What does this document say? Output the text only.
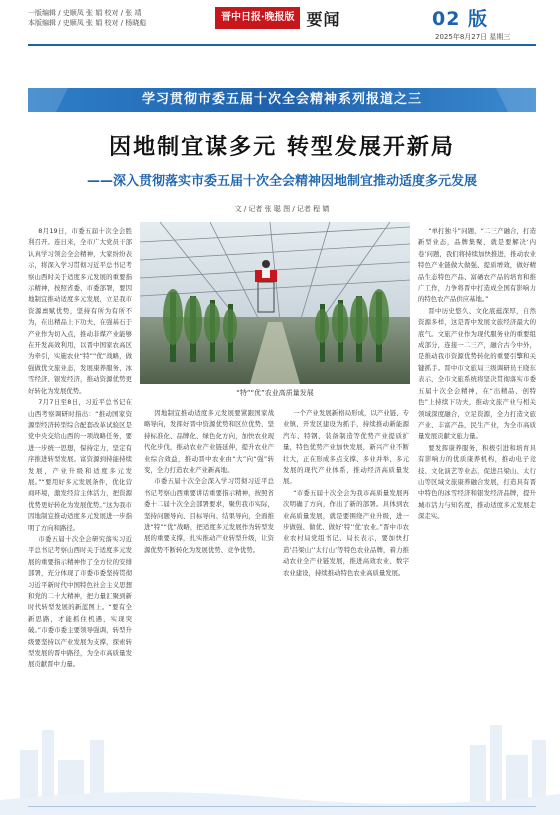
一版编辑 / 史顺凤 张 娟 校对 / 张 靖
本版编辑 / 史顺凤 张 娟 校对 / 杨晓彪	晋中日报·晚报版 要闻	02 版
2025年8月27日 星期三
学习贯彻市委五届十次全会精神系列报道之三
因地制宜谋多元 转型发展开新局
——深入贯彻落实市委五届十次全会精神因地制宜推动适度多元发展
文 / 记者 张 聪 图 / 记者 程 婧

8月19日，市委五届十次全会胜利召开。连日来，全市广大党员干部认真学习领会全会精神，大家纷纷表示，将深入学习贯彻习近平总书记考察山西时关于适度多元发展的重要指示精神，按照省委、市委部署，要因地制宜推动适度多元发展，立足我市资源禀赋优势，坚持有所为有所不为，在出精品上下功夫，在强基石于产业作为切入点，推动非煤产业能够在开发高效利用，以晋中国家农高区为牵引，实施农业“特”“优”战略，做强做优文旅业态，发展康养服务、冰雪经济、银发经济，推动资源优势更好转化为发展优势。

7月7日至8日，习近平总书记在山西考察调研时指出：“推动国家资源型经济转型综合配套改革试验区是党中央交给山西的一项战略任务，要进一步统一思想，保持定力，坚定有序推进转型发展。富资源到持能持续发展，产业升级和适度多元发展。”“要用好多元发展条件，优化营商环境，激发经营主体活力，把资源优势更好转化为发展优势。”这为我市因地制宜推动适度多元发展进一步指明了方向和路径。

市委五届十次全会研究落实习近平总书记考察山西时关于适度多元发展的重要指示精神作了全方位的安排部署，充分体现了市委市委坚持贯彻习近平新时代中国特色社会主义思想和党的二十大精神，把力量汇聚到新时代转型发展的新蓝图上。“要有全新思路，才能抓住机遇，实现突破。”市委市委主要领导强调，转型升级要坚持以产业发展为支撑，探索转型发展的晋中路径，为全市高质量发展贡献晋中力量。

“特”“优”农业高质量发展

因地制宜推动适度多元发展要紧跟国家战略导向，发挥好晋中资源优势和区位优势，坚持标准化、品牌化、绿色化方向，加快农业现代化步伐，推动农业产业链延伸，提升农业产业综合效益，推动晋中农业由“大”向“强”转变，全力打造农业产业新高地。

市委五届十次全会深入学习贯彻习近平总书记考察山西重要讲话重要指示精神，按照省委十二届十次全会部署要求，聚焦我市实际，坚持问题导向、目标导向、结果导向，全面推进“特”“优”战略，把适度多元发展作为转型发展的重要支撑，扎实推动产业转型升级，让资源优势不断转化为发展优势、竞争优势。

一个产业发展新格局形成，以产业链、专业镇、开发区建设为抓手，持续推动新能源汽车、特钢、装备制造等优势产业提质扩量，特色优势产业加快发展，新兴产业不断壮大，正在形成多点支撑、多业并举、多元发展的现代产业体系，推动经济高质量发展。

“市委五届十次全会为我市高质量发展再次明确了方向，作出了新的部署。具体到农业高质量发展，就是要围绕产业升级，进一步做强、做优、做好‘特’‘优’农业。”晋中市农业农村局党组书记、局长表示，要加快打造‘吕梁山’‘太行山’等特色农业品牌，着力推动农业全产业链发展，推进高效农业、数字农业建设，持续推动特色农业高质量发展。

“单打独斗”问题，“二三产融合，打造新型业态，品牌集聚，就是要解决‘内卷’问题，我们将持续加快推进，推动农业特色产业链做大做强、提质增效，做好精品生态特色产品、富硒农产品的培育和推广工作，力争将晋中打造成全国有影响力的特色农产品供应基地。”

晋中历史悠久、文化底蕴深厚，自然资源多样，这是晋中发展文旅经济最大的底气。文旅产业作为现代服务业的重要组成部分，连接一二三产，融合古今中外，是推动我市资源优势转化的重要引擎和关键抓手。晋中市文旅局三级调研员王晓东表示，全市文旅系统将坚决贯彻落实市委五届十次全会精神，在“出精品、创特色”上持续下功夫，推动文旅产业与相关领域深度融合，立足资源，全力打造文旅产业、丰富产品，民生产业，为全市高质量发展贡献文旅力量。

要发挥康养服务，积极引进和培育具有影响力的优质康养机构，推动电子竞技、文化演艺等业态，促进吕梁山、太行山等区域文旅康养融合发展，打造具有晋中特色的冰雪经济和银发经济品牌，提升城市活力与知名度，推动适度多元发展走深走实。
